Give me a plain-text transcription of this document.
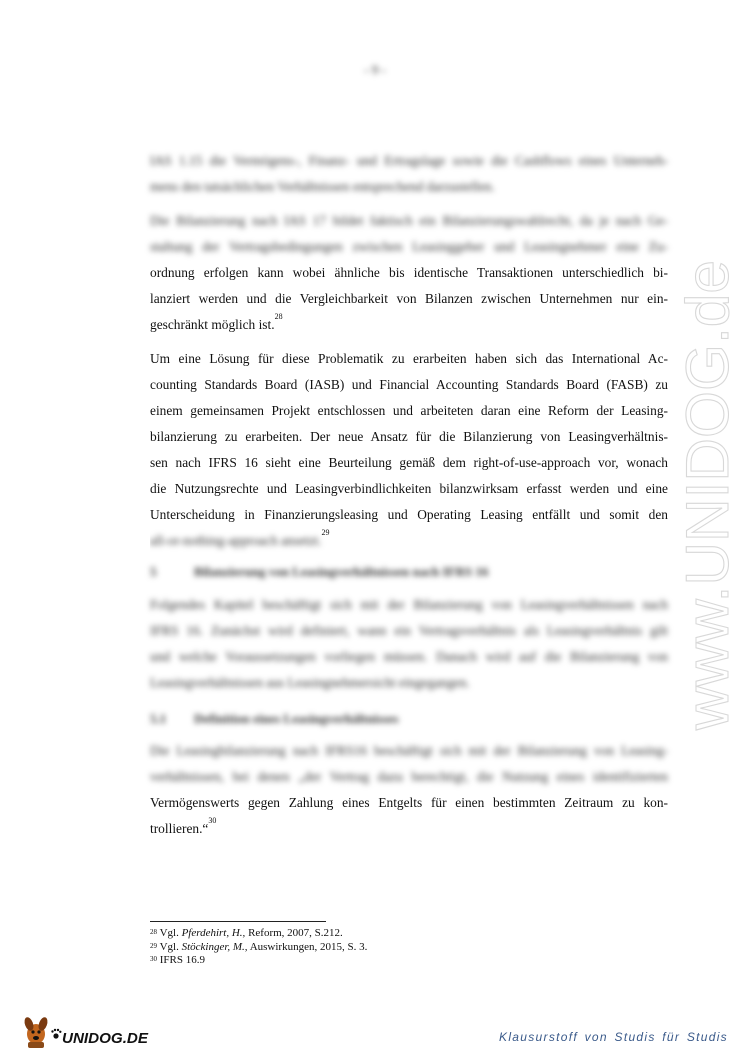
- 9 -
IAS 1.15 die Vermögens-, Finanz- und Ertragslage sowie die Cashflows eines Unterneh-
mens den tatsächlichen Verhältnissen entsprechend darzustellen.
Die Bilanzierung nach IAS 17 bildet faktisch ein Bilanzierungswahlrecht, da je nach Ge-
staltung der Vertragsbedingungen zwischen Leasinggeber und Leasingnehmer eine Zu-
ordnung erfolgen kann wobei ähnliche bis identische Transaktionen unterschiedlich bi-
lanziert werden und die Vergleichbarkeit von Bilanzen zwischen Unternehmen nur ein-
geschränkt möglich ist.$^{28}$
Um eine Lösung für diese Problematik zu erarbeiten haben sich das International Ac-
counting Standards Board (IASB) und Financial Accounting Standards Board (FASB) zu
einem gemeinsamen Projekt entschlossen und arbeiteten daran eine Reform der Leasing-
bilanzierung zu erarbeiten. Der neue Ansatz für die Bilanzierung von Leasingverhältnis-
sen nach IFRS 16 sieht eine Beurteilung gemäß dem right-of-use-approach vor, wonach
die Nutzungsrechte und Leasingverbindlichkeiten bilanzwirksam erfasst werden und eine
Unterscheidung in Finanzierungsleasing und Operating Leasing entfällt und somit den
all-or-nothing-approach ansetzt.$^{29}$
5	Bilanzierung von Leasingverhältnissen nach IFRS 16
Folgendes Kapitel beschäftigt sich mit der Bilanzierung von Leasingverhältnissen nach
IFRS 16. Zunächst wird definiert, wann ein Vertragsverhältnis als Leasingverhältnis gilt
und welche Voraussetzungen vorliegen müssen. Danach wird auf die Bilanzierung von
Leasingverhältnissen aus Leasingnehmersicht eingegangen.
5.1 Definition eines Leasingverhältnisses
Die Leasingbilanzierung nach IFRS16 beschäftigt sich mit der Bilanzierung von Leasing-
verhältnissen, bei denen „der Vertrag dazu berechtigt, die Nutzung eines identifizierten
Vermögenswerts gegen Zahlung eines Entgelts für einen bestimmten Zeitraum zu kon-
trollieren.“$^{30}$
$^{28}$ Vgl. Pferdehirt, H., Reform, 2007, S.212.
$^{29}$ Vgl. Stöckinger, M., Auswirkungen, 2015, S. 3.
$^{30}$ IFRS 16.9
www.UNIDOG.de
UNIDOG.DE	Klausurstoff von Studis für Studis
